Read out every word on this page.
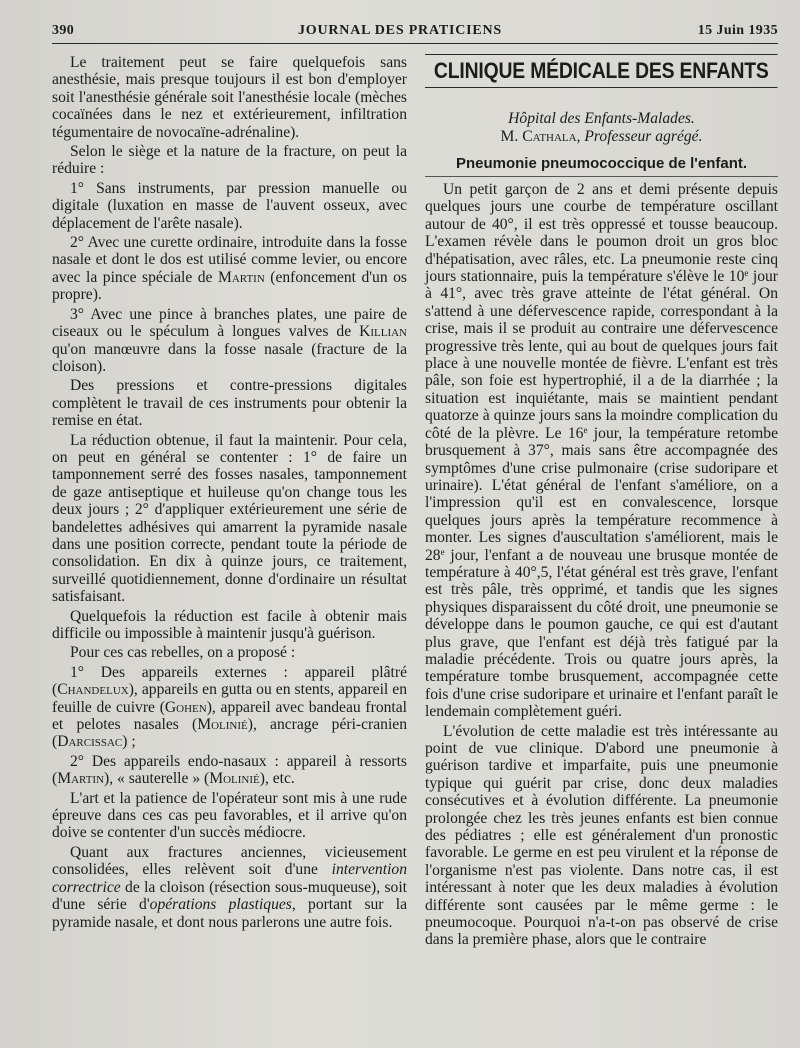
390	JOURNAL DES PRATICIENS	15 Juin 1935

Le traitement peut se faire quelquefois sans anesthésie, mais presque toujours il est bon d'employer soit l'anesthésie générale soit l'anesthésie locale (mèches cocaïnées dans le nez et extérieurement, infiltration tégumentaire de novocaïne-adrénaline).

Selon le siège et la nature de la fracture, on peut la réduire :

1° Sans instruments, par pression manuelle ou digitale (luxation en masse de l'auvent osseux, avec déplacement de l'arête nasale).

2° Avec une curette ordinaire, introduite dans la fosse nasale et dont le dos est utilisé comme levier, ou encore avec la pince spéciale de Martin (enfoncement d'un os propre).

3° Avec une pince à branches plates, une paire de ciseaux ou le spéculum à longues valves de Killian qu'on manœuvre dans la fosse nasale (fracture de la cloison).

Des pressions et contre-pressions digitales complètent le travail de ces instruments pour obtenir la remise en état.

La réduction obtenue, il faut la maintenir. Pour cela, on peut en général se contenter : 1° de faire un tamponnement serré des fosses nasales, tamponnement de gaze antiseptique et huileuse qu'on change tous les deux jours ; 2° d'appliquer extérieurement une série de bandelettes adhésives qui amarrent la pyramide nasale dans une position correcte, pendant toute la période de consolidation. En dix à quinze jours, ce traitement, surveillé quotidiennement, donne d'ordinaire un résultat satisfaisant.

Quelquefois la réduction est facile à obtenir mais difficile ou impossible à maintenir jusqu'à guérison.

Pour ces cas rebelles, on a proposé :

1° Des appareils externes : appareil plâtré (Chandelux), appareils en gutta ou en stents, appareil en feuille de cuivre (Gohen), appareil avec bandeau frontal et pelotes nasales (Molinié), ancrage péri-cranien (Darcissac) ;

2° Des appareils endo-nasaux : appareil à ressorts (Martin), « sauterelle » (Molinié), etc.

L'art et la patience de l'opérateur sont mis à une rude épreuve dans ces cas peu favorables, et il arrive qu'on doive se contenter d'un succès médiocre.

Quant aux fractures anciennes, vicieusement consolidées, elles relèvent soit d'une intervention correctrice de la cloison (résection sous-muqueuse), soit d'une série d'opérations plastiques, portant sur la pyramide nasale, et dont nous parlerons une autre fois.

CLINIQUE MÉDICALE DES ENFANTS
Hôpital des Enfants-Malades.
M. Cathala, Professeur agrégé.
Pneumonie pneumococcique de l'enfant.

Un petit garçon de 2 ans et demi présente depuis quelques jours une courbe de température oscillant autour de 40°, il est très oppressé et tousse beaucoup. L'examen révèle dans le poumon droit un gros bloc d'hépatisation, avec râles, etc. La pneumonie reste cinq jours stationnaire, puis la température s'élève le 10e jour à 41°, avec très grave atteinte de l'état général. On s'attend à une défervescence rapide, correspondant à la crise, mais il se produit au contraire une défervescence progressive très lente, qui au bout de quelques jours fait place à une nouvelle montée de fièvre. L'enfant est très pâle, son foie est hypertrophié, il a de la diarrhée ; la situation est inquiétante, mais se maintient pendant quatorze à quinze jours sans la moindre complication du côté de la plèvre. Le 16e jour, la température retombe brusquement à 37°, mais sans être accompagnée des symptômes d'une crise pulmonaire (crise sudoripare et urinaire). L'état général de l'enfant s'améliore, on a l'impression qu'il est en convalescence, lorsque quelques jours après la température recommence à monter. Les signes d'auscultation s'améliorent, mais le 28e jour, l'enfant a de nouveau une brusque montée de température à 40°,5, l'état général est très grave, l'enfant est très pâle, très opprimé, et tandis que les signes physiques disparaissent du côté droit, une pneumonie se développe dans le poumon gauche, ce qui est d'autant plus grave, que l'enfant est déjà très fatigué par la maladie précédente. Trois ou quatre jours après, la température tombe brusquement, accompagnée cette fois d'une crise sudoripare et urinaire et l'enfant paraît le lendemain complètement guéri.

L'évolution de cette maladie est très intéressante au point de vue clinique. D'abord une pneumonie à guérison tardive et imparfaite, puis une pneumonie typique qui guérit par crise, donc deux maladies consécutives et à évolution différente. La pneumonie prolongée chez les très jeunes enfants est bien connue des pédiatres ; elle est généralement d'un pronostic favorable. Le germe en est peu virulent et la réponse de l'organisme n'est pas violente. Dans notre cas, il est intéressant à noter que les deux maladies à évolution différente sont causées par le même germe : le pneumocoque. Pourquoi n'a-t-on pas observé de crise dans la première phase, alors que le contraire
